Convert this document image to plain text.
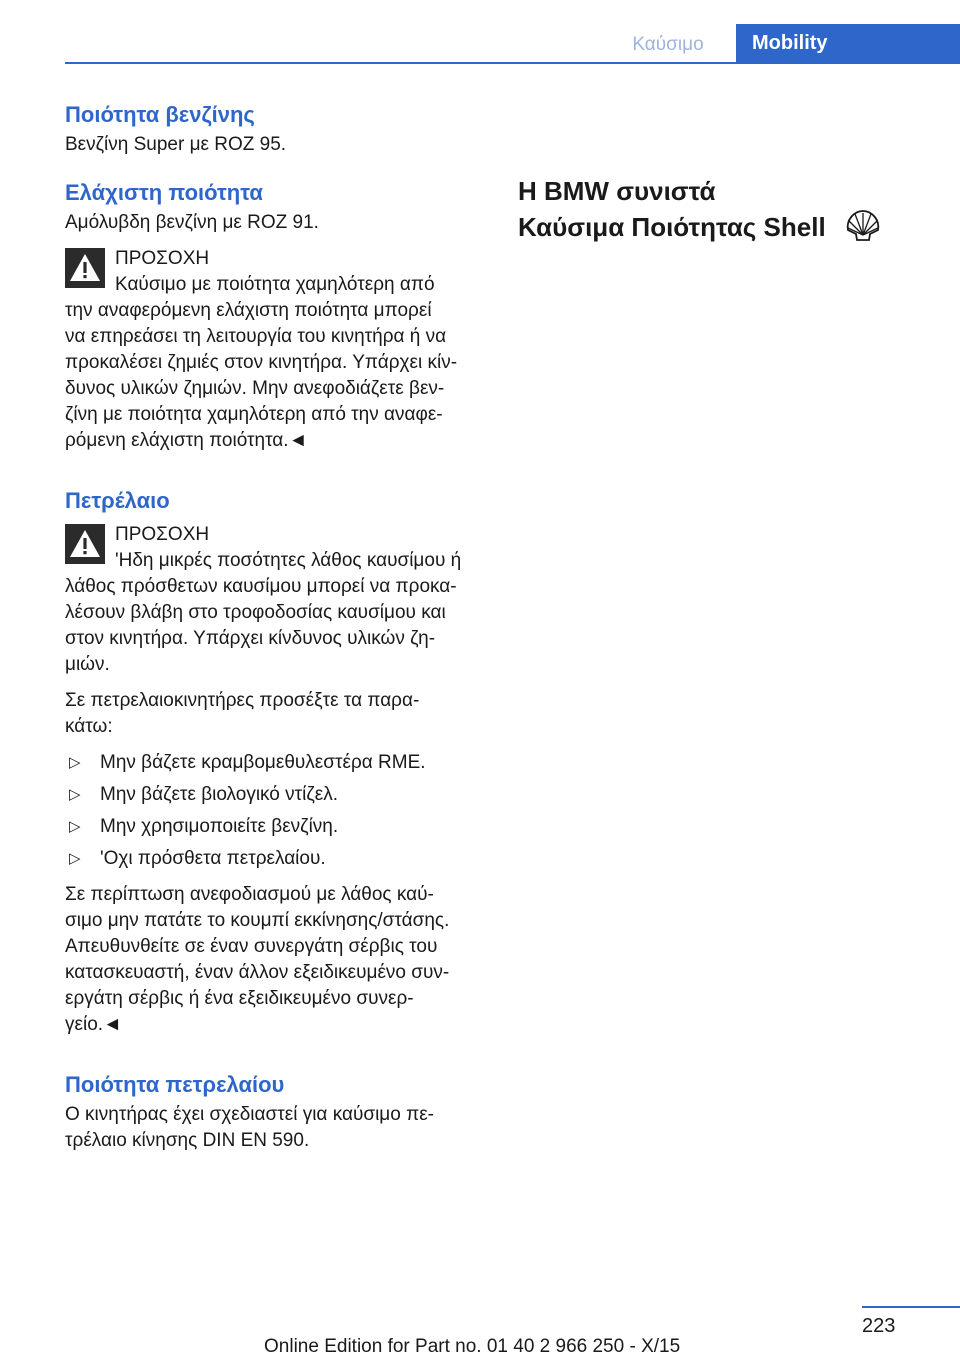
Καύσιμο	Mobility
Ποιότητα βενζίνης

Βενζίνη Super με ROZ 95.

Ελάχιστη ποιότητα

Αμόλυβδη βενζίνη με ROZ 91.

ΠΡΟΣΟΧΗ

Καύσιμο με ποιότητα χαμηλότερη από

την αναφερόμενη ελάχιστη ποιότητα μπορεί

να επηρεάσει τη λειτουργία του κινητήρα ή να

προκαλέσει ζημιές στον κινητήρα. Υπάρχει κίν-

δυνος υλικών ζημιών. Μην ανεφοδιάζετε βεν-

ζίνη με ποιότητα χαμηλότερη από την αναφε-

ρόμενη ελάχιστη ποιότητα.◄

Πετρέλαιο

ΠΡΟΣΟΧΗ

'Ηδη μικρές ποσότητες λάθος καυσίμου ή

λάθος πρόσθετων καυσίμου μπορεί να προκα-

λέσουν βλάβη στο τροφοδοσίας καυσίμου και

στον κινητήρα. Υπάρχει κίνδυνος υλικών ζη-

μιών.

Σε πετρελαιοκινητήρες προσέξτε τα παρα-

κάτω:

▷ Μην βάζετε κραμβομεθυλεστέρα RME.

▷ Μην βάζετε βιολογικό ντίζελ.

▷ Μην χρησιμοποιείτε βενζίνη.

▷ 'Οχι πρόσθετα πετρελαίου.

Σε περίπτωση ανεφοδιασμού με λάθος καύ-

σιμο μην πατάτε το κουμπί εκκίνησης/στάσης.

Απευθυνθείτε σε έναν συνεργάτη σέρβις του

κατασκευαστή, έναν άλλον εξειδικευμένο συν-

εργάτη σέρβις ή ένα εξειδικευμένο συνερ-

γείο.◄

Ποιότητα πετρελαίου

Ο κινητήρας έχει σχεδιαστεί για καύσιμο πε-

τρέλαιο κίνησης DIN EN 590.

Η BMW συνιστά

Καύσιμα Ποιότητας Shell

223
Online Edition for Part no. 01 40 2 966 250 - X/15
